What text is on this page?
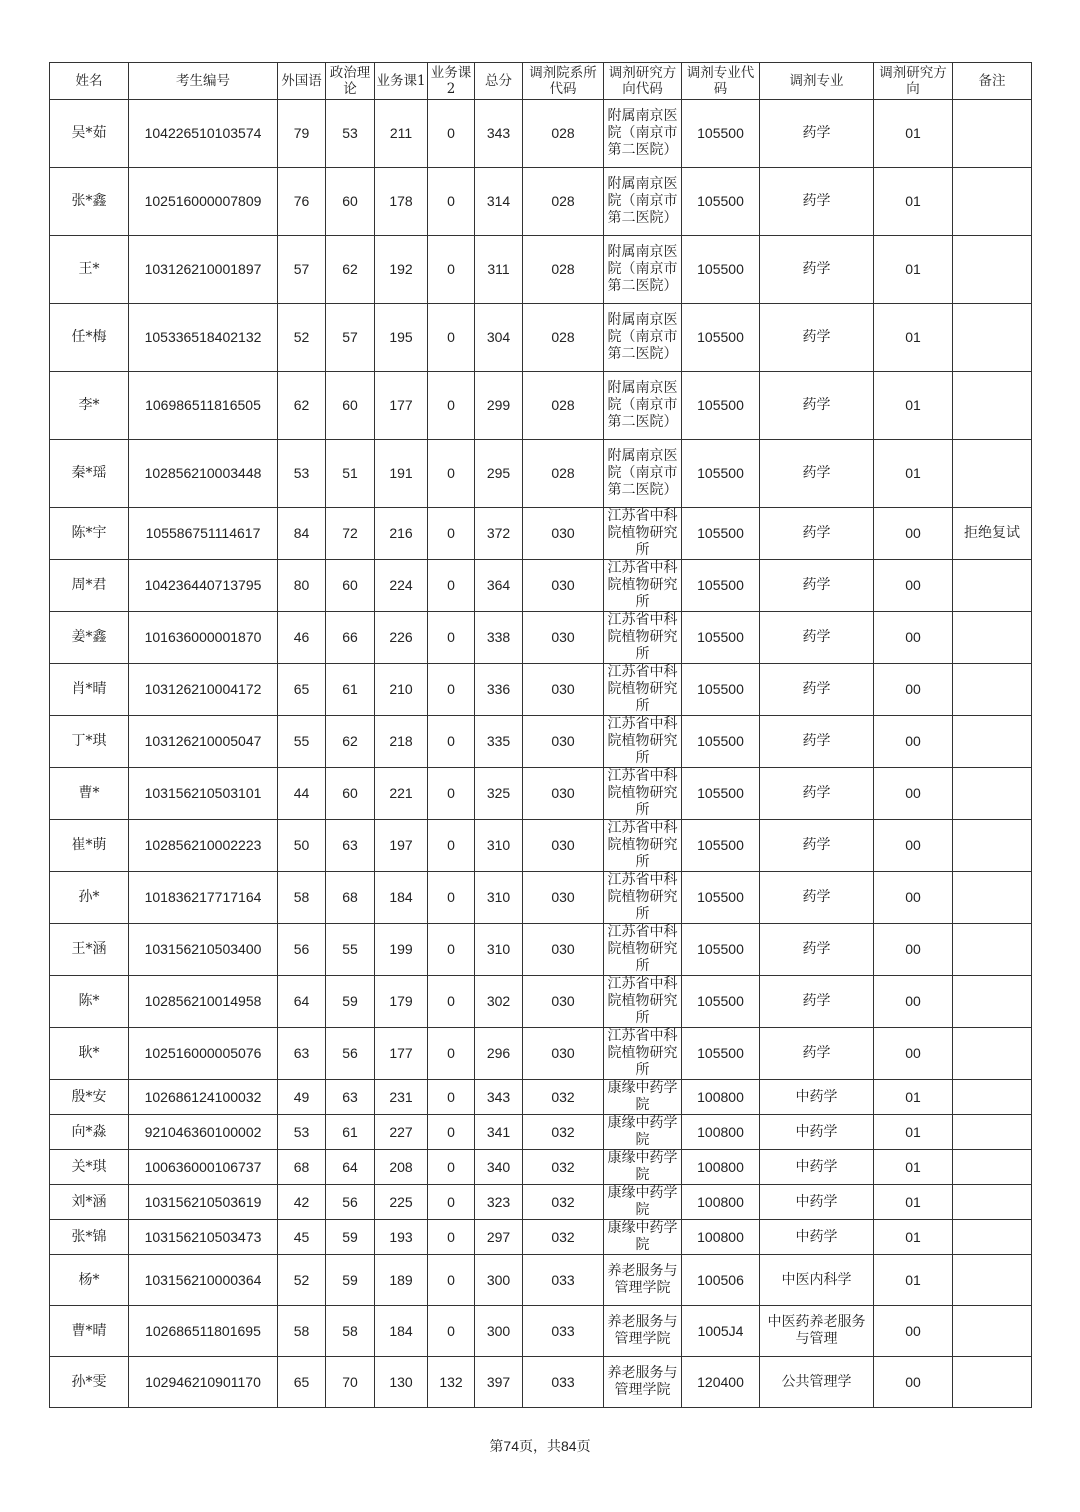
姓名	考生编号	外国语	政治理论	业务课1	业务课2	总分	调剂院系所代码	调剂研究方向代码	调剂专业代码	调剂专业	调剂研究方向	备注
吴*茹	104226510103574	79	53	211	0	343	028	附属南京医院（南京市第二医院）	105500	药学	01	
张*鑫	102516000007809	76	60	178	0	314	028	附属南京医院（南京市第二医院）	105500	药学	01	
王*	103126210001897	57	62	192	0	311	028	附属南京医院（南京市第二医院）	105500	药学	01	
任*梅	105336518402132	52	57	195	0	304	028	附属南京医院（南京市第二医院）	105500	药学	01	
李*	106986511816505	62	60	177	0	299	028	附属南京医院（南京市第二医院）	105500	药学	01	
秦*瑶	102856210003448	53	51	191	0	295	028	附属南京医院（南京市第二医院）	105500	药学	01	
陈*宇	105586751114617	84	72	216	0	372	030	江苏省中科院植物研究所	105500	药学	00	拒绝复试
周*君	104236440713795	80	60	224	0	364	030	江苏省中科院植物研究所	105500	药学	00	
姜*鑫	101636000001870	46	66	226	0	338	030	江苏省中科院植物研究所	105500	药学	00	
肖*晴	103126210004172	65	61	210	0	336	030	江苏省中科院植物研究所	105500	药学	00	
丁*琪	103126210005047	55	62	218	0	335	030	江苏省中科院植物研究所	105500	药学	00	
曹*	103156210503101	44	60	221	0	325	030	江苏省中科院植物研究所	105500	药学	00	
崔*萌	102856210002223	50	63	197	0	310	030	江苏省中科院植物研究所	105500	药学	00	
孙*	101836217717164	58	68	184	0	310	030	江苏省中科院植物研究所	105500	药学	00	
王*涵	103156210503400	56	55	199	0	310	030	江苏省中科院植物研究所	105500	药学	00	
陈*	102856210014958	64	59	179	0	302	030	江苏省中科院植物研究所	105500	药学	00	
耿*	102516000005076	63	56	177	0	296	030	江苏省中科院植物研究所	105500	药学	00	
殷*安	102686124100032	49	63	231	0	343	032	康缘中药学院	100800	中药学	01	
向*淼	921046360100002	53	61	227	0	341	032	康缘中药学院	100800	中药学	01	
关*琪	100636000106737	68	64	208	0	340	032	康缘中药学院	100800	中药学	01	
刘*涵	103156210503619	42	56	225	0	323	032	康缘中药学院	100800	中药学	01	
张*锦	103156210503473	45	59	193	0	297	032	康缘中药学院	100800	中药学	01	
杨*	103156210000364	52	59	189	0	300	033	养老服务与管理学院	100506	中医内科学	01	
曹*晴	102686511801695	58	58	184	0	300	033	养老服务与管理学院	1005J4	中医药养老服务与管理	00	
孙*雯	102946210901170	65	70	130	132	397	033	养老服务与管理学院	120400	公共管理学	00	
第74页，共84页
